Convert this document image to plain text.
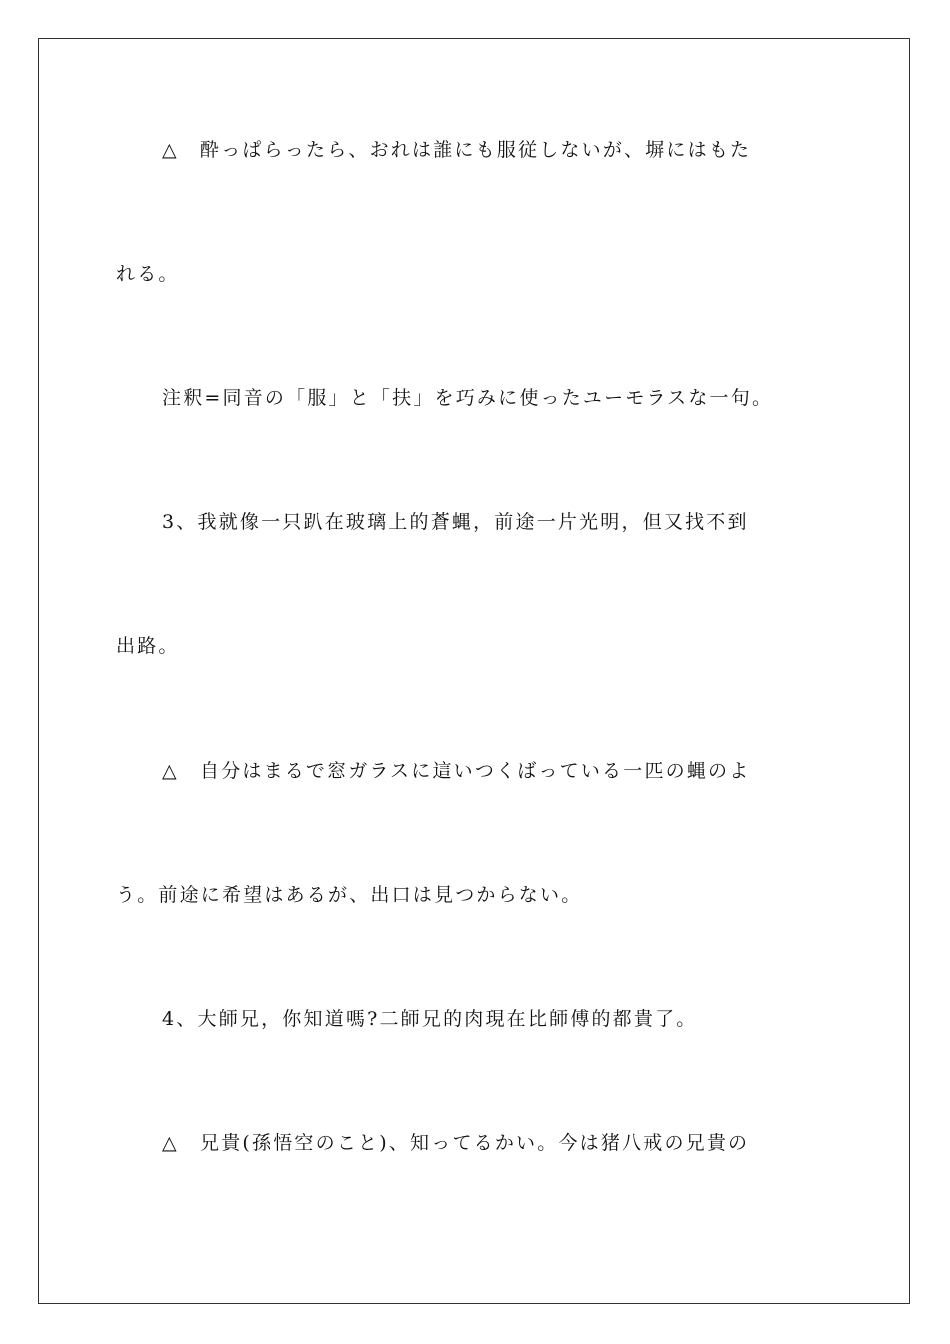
△　酔っぱらったら、おれは誰にも服従しないが、塀にはもた
れる。
注釈=同音の「服」と「扶」を巧みに使ったユーモラスな一句。
3、我就像一只趴在玻璃上的蒼蝿，前途一片光明，但又找不到
出路。
△　自分はまるで窓ガラスに這いつくばっている一匹の蝿のよ
う。前途に希望はあるが、出口は見つからない。
4、大師兄，你知道嗎?二師兄的肉現在比師傅的都貴了。
△　兄貴(孫悟空のこと)、知ってるかい。今は猪八戒の兄貴の
